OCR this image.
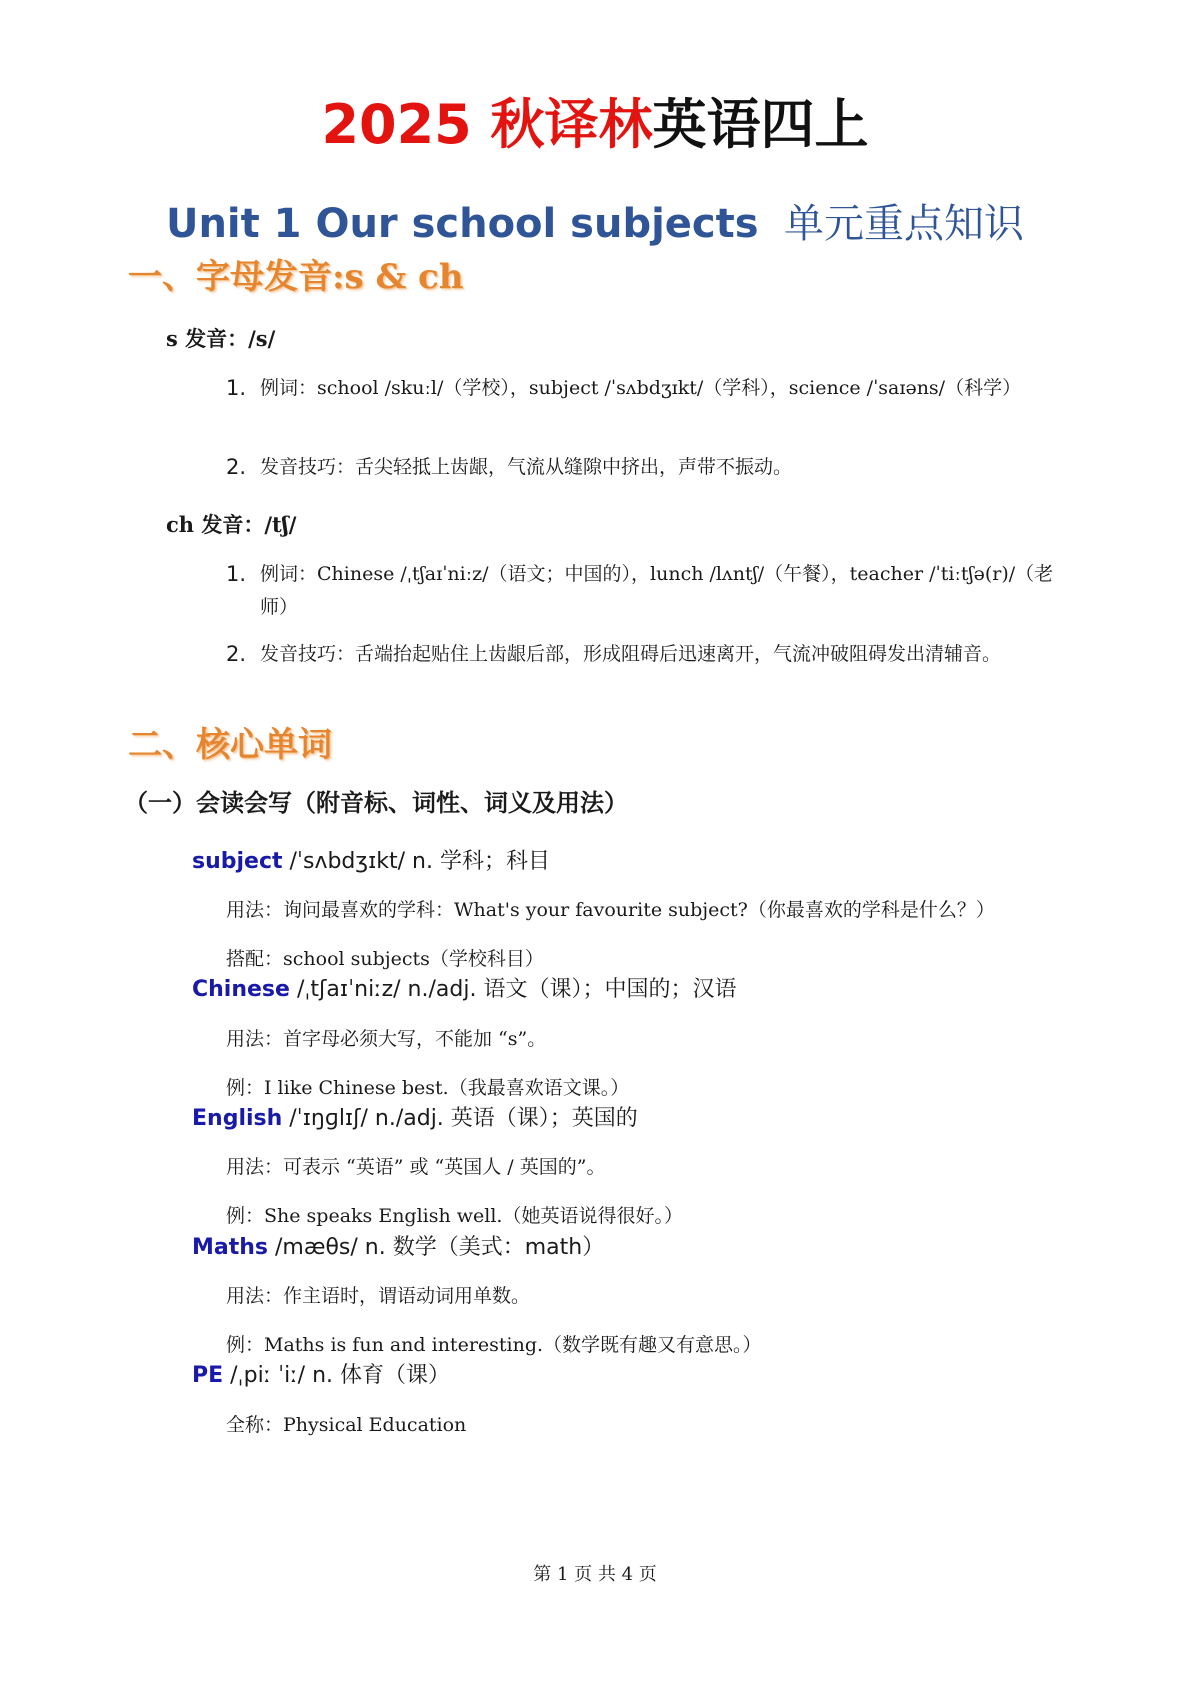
2025 秋译林英语四上
Unit 1 Our school subjects 单元重点知识
一、字母发音:s & ch
s 发音：/s/
1. 例词：school /skuːl/（学校），subject /ˈsʌbdʒɪkt/（学科），science /ˈsaɪəns/（科学）
2. 发音技巧：舌尖轻抵上齿龈，气流从缝隙中挤出，声带不振动。
ch 发音：/tʃ/
1. 例词：Chinese /ˌtʃaɪˈniːz/（语文；中国的），lunch /lʌntʃ/（午餐），teacher /ˈtiːtʃə(r)/（老师）
2. 发音技巧：舌端抬起贴住上齿龈后部，形成阻碍后迅速离开，气流冲破阻碍发出清辅音。
二、核心单词
（一）会读会写（附音标、词性、词义及用法）
subject /ˈsʌbdʒɪkt/ n. 学科；科目
用法：询问最喜欢的学科：What's your favourite subject?（你最喜欢的学科是什么？）
搭配：school subjects（学校科目）
Chinese /ˌtʃaɪˈniːz/ n./adj. 语文（课）；中国的；汉语
用法：首字母必须大写，不能加 “s”。
例：I like Chinese best.（我最喜欢语文课。）
English /ˈɪŋɡlɪʃ/ n./adj. 英语（课）；英国的
用法：可表示 “英语” 或 “英国人 / 英国的”。
例：She speaks English well.（她英语说得很好。）
Maths /mæθs/ n. 数学（美式：math）
用法：作主语时，谓语动词用单数。
例：Maths is fun and interesting.（数学既有趣又有意思。）
PE /ˌpiː ˈiː/ n. 体育（课）
全称：Physical Education
第 1 页 共 4 页
